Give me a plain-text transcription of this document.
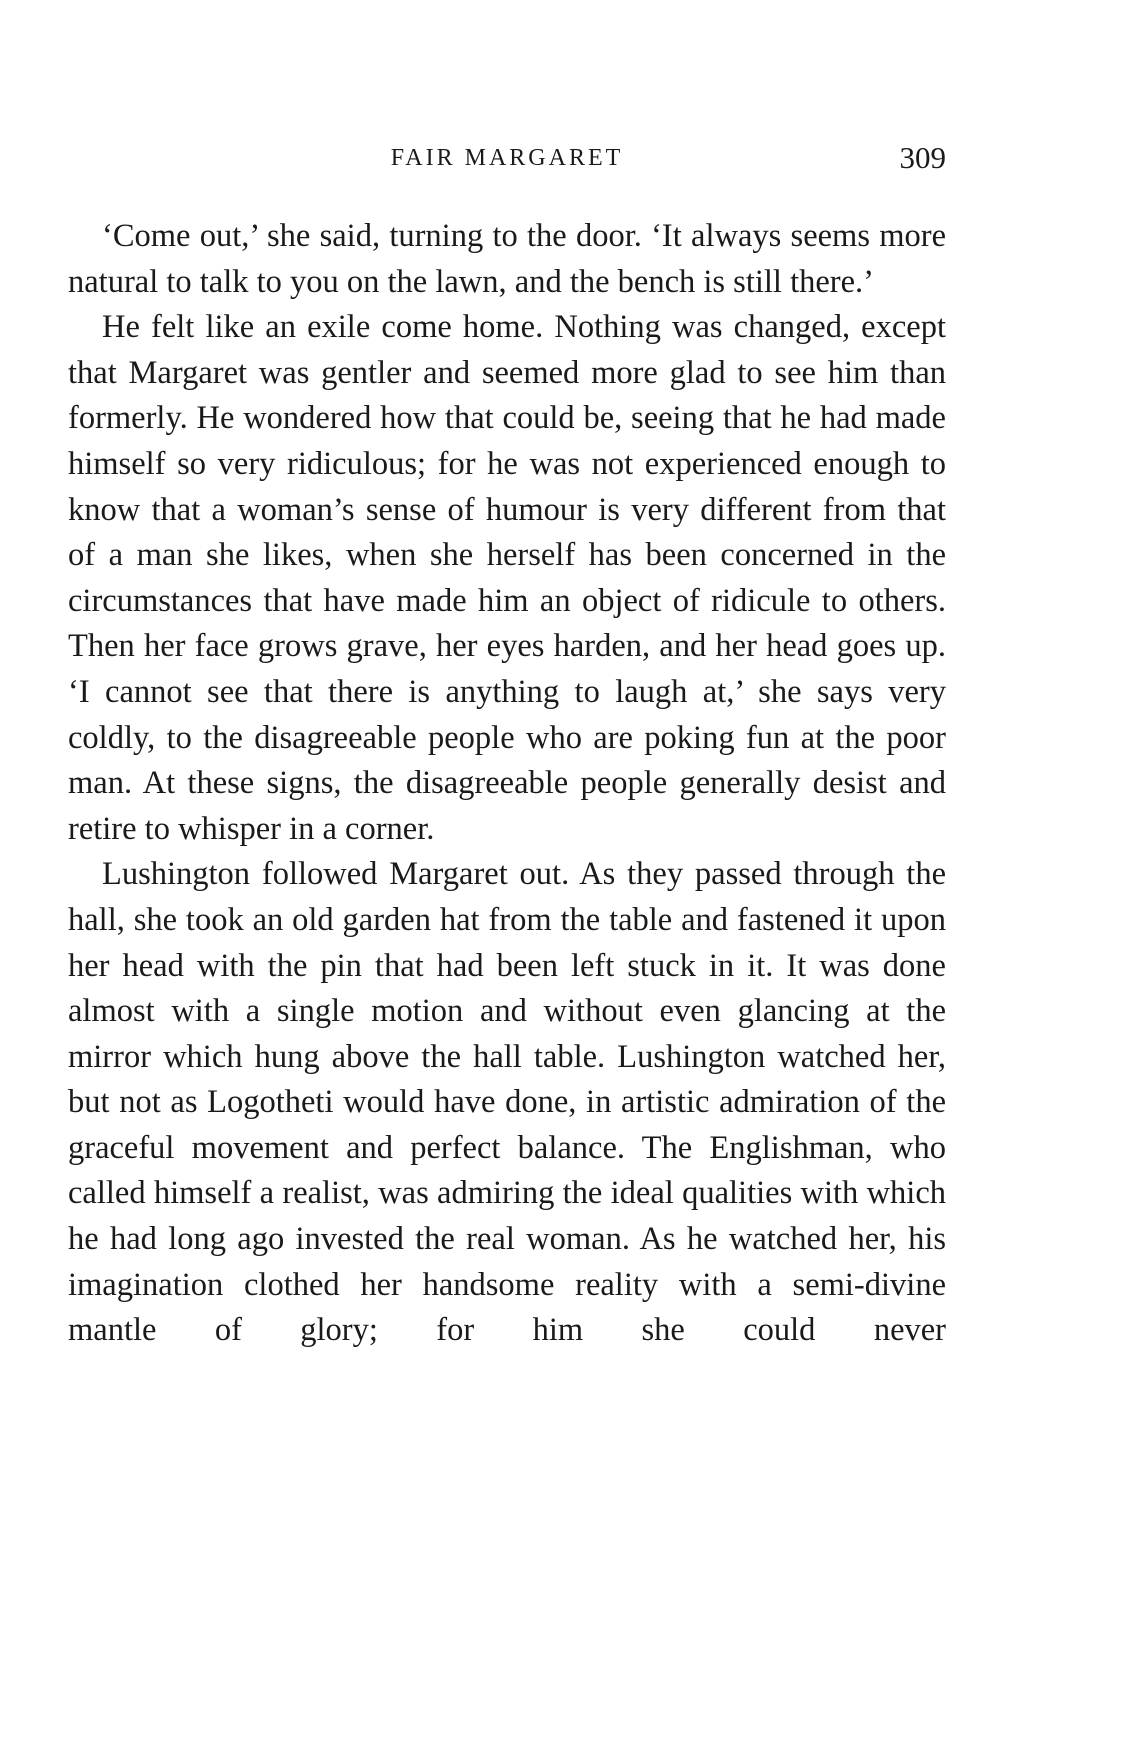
FAIR MARGARET	309

‘Come out,’ she said, turning to the door. ‘It always seems more natural to talk to you on the lawn, and the bench is still there.’

He felt like an exile come home. Nothing was changed, except that Margaret was gentler and seemed more glad to see him than formerly. He wondered how that could be, seeing that he had made himself so very ridiculous; for he was not experienced enough to know that a woman’s sense of humour is very different from that of a man she likes, when she herself has been concerned in the circumstances that have made him an object of ridicule to others. Then her face grows grave, her eyes harden, and her head goes up. ‘I cannot see that there is anything to laugh at,’ she says very coldly, to the disagreeable people who are poking fun at the poor man. At these signs, the disagreeable people generally desist and retire to whisper in a corner.

Lushington followed Margaret out. As they passed through the hall, she took an old garden hat from the table and fastened it upon her head with the pin that had been left stuck in it. It was done almost with a single motion and without even glancing at the mirror which hung above the hall table. Lushington watched her, but not as Logotheti would have done, in artistic admiration of the graceful movement and perfect balance. The Englishman, who called himself a realist, was admiring the ideal qualities with which he had long ago invested the real woman. As he watched her, his imagination clothed her handsome reality with a semi-divine mantle of glory; for him she could never
